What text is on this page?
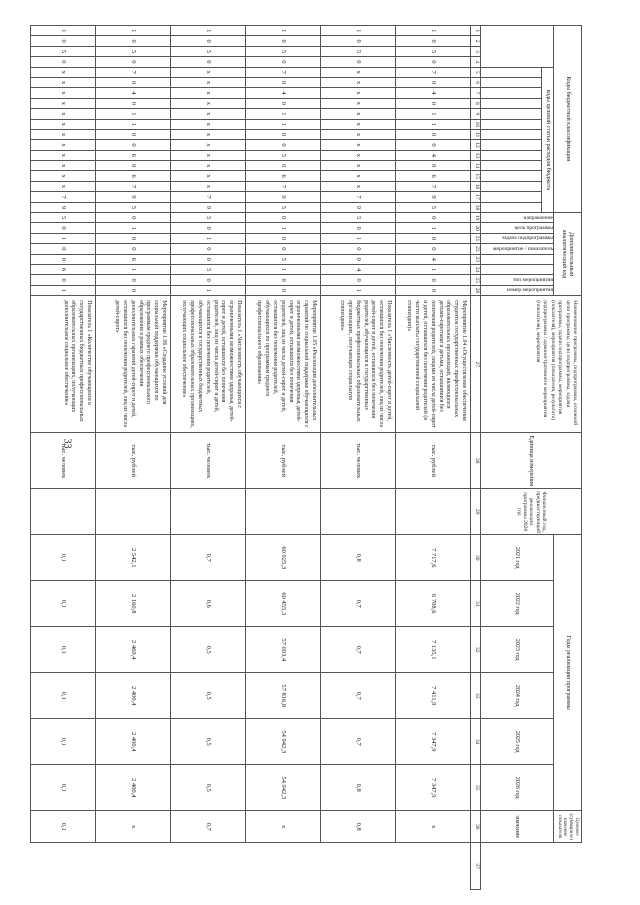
33
Коды бюджетной классификации																		Дополнительный аналитический код								Наименование программы, подпрограммы, основной цели программы, цели подпрограммы, задачи программы, задачи подпрограммы, мероприятия (показателя), мероприятия (показателя, результата) подпрограммы / административного мероприятия (показателя), мероприятия	Единица измерения	Финансовый год, предшествующий реализации программы 2020 год	Годы реализации программы						Целевое (суммарное) значение показателя	
				коды целевой статьи расходов бюджета														направление	цель программы	задача подпрограммы	мероприятие / показатель			тип мероприятия	номер мероприятия				2021 год	2022 год	2023 год	2024 год	2025 год	2026 год	значение	

1	2	3	4	5	6	7	8	9	10	11	12	13	14	15	16	17	18	19	20	21	22	23	24	25	26	27	28	29	30	31	32	33	34	35	36	37
1	0	5	0	7	0	4	0	1	1	0	0	4	0	6	7	9	5	0	1	0	0	4	1	0	0	Мероприятие 1.04 «Осуществление обеспечения студентов государственных профессиональных образовательных организаций, являющихся детьми-сиротами и детьми, оставшимися без попечения родителей, лицами из числа детей-сирот и детей, оставшихся без попечения родителей (в части выплаты государственной социальной стипендии)»	тыс. рублей		7 717,6	6 708,6	7 135,1	7 411,9	7 347,9	7 347,9	x	
1	0	5	0	x	x	x	x	x	x	x	x	x	x	x	x	7	9	5	0	1	0	0	4	0	1	Показатель 1 «Численность детей-сирот и детей, оставшихся без попечения родителей, лиц из числа детей-сирот и детей, оставшихся без попечения родителей, обучающихся в государственных бюджетных профессиональных образовательных организациях, получающих социальную стипендию»	тыс. человек		0,8	0,7	0,7	0,7	0,7	0,8	0,8	
1	0	5	0	7	0	4	0	1	1	0	0	5	0	6	7	9	5	0	1	0	0	5	1	0	0	Мероприятие 1.05 «Реализация дополнительных гарантий по социальной поддержке обучающихся с ограниченными возможностями здоровья, детей-сирот и детей, оставшихся без попечения родителей, лиц из числа детей-сирот и детей, оставшихся без попечения родителей, обучающихся по программам среднего профессионального образования»	тыс. рублей		60 925,3	60 455,3	57 093,4	57 816,8	54 942,3	54 942,3	x	
1	0	5	0	x	x	x	x	x	x	x	x	x	x	x	x	7	9	5	0	1	0	0	5	0	1	Показатель 1 «Численность обучающихся с ограниченными возможностями здоровья, детей-сирот и детей, оставшихся без попечения родителей, лиц из числа детей-сирот и детей, оставшихся без попечения родителей, обучающихся в государственных бюджетных профессиональных образовательных организациях, получающих социальное обеспечение»	тыс. человек		0,7	0,6	0,5	0,5	0,5	0,5	0,7	
1	0	5	0	7	0	4	0	1	1	0	0	6	0	6	7	9	5	0	1	0	0	6	1	0	0	Мероприятие 1.06 «Создание условий для социальной поддержки обучающихся по программам среднего профессионального образования в рамках обеспечения дополнительных гарантий детей-сирот и детей, оставшихся без попечения родителей, лиц из числа детей-сирот»	тыс. рублей		2 542,1	2 160,8	2 469,4	2 400,4	2 400,4	2 400,4	x	
1	0	5	0	x	x	x	x	x	x	x	x	x	x	x	x	7	9	5	0	1	0	0	6	0	1	Показатель 1 «Количество обучающихся в государственных бюджетных профессиональных образовательных организациях, получающих дополнительное социальное обеспечение»	тыс. человек		0,1	0,1	0,1	0,1	0,1	0,1	0,1	
